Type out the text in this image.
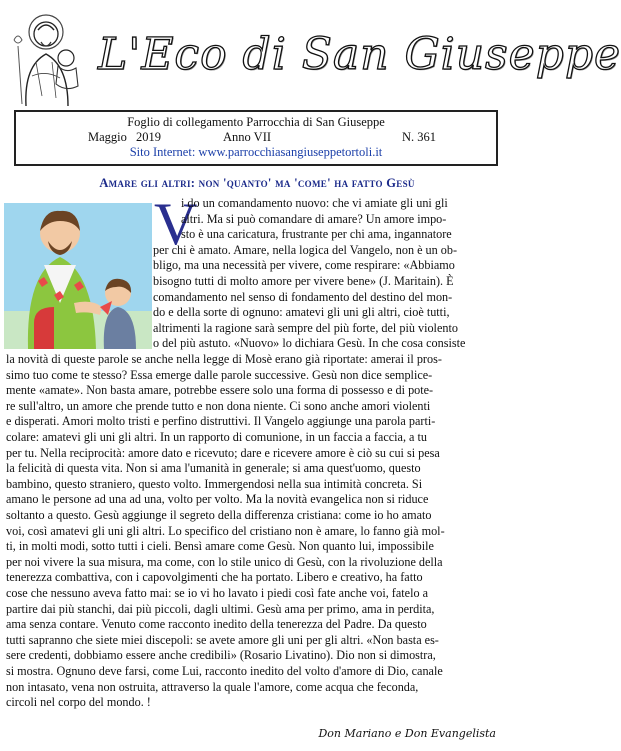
L'Eco di San Giuseppe
Foglio di collegamento Parrocchia di San Giuseppe
Maggio 2019	Anno VII	N. 361
Sito Internet: www.parrocchiasangiuseppetortoli.it
Amare gli altri: non 'quanto' ma 'come' ha fatto Gesù
V
i do un comandamento nuovo: che vi amiate gli uni gli
altri. Ma si può comandare di amare? Un amore impo-
sto è una caricatura, frustrante per chi ama, ingannatore
per chi è amato. Amare, nella logica del Vangelo, non è un ob-
bligo, ma una necessità per vivere, come respirare: «Abbiamo
bisogno tutti di molto amore per vivere bene» (J. Maritain). È
comandamento nel senso di fondamento del destino del mon-
do e della sorte di ognuno: amatevi gli uni gli altri, cioè tutti,
altrimenti la ragione sarà sempre del più forte, del più violento
o del più astuto. «Nuovo» lo dichiara Gesù. In che cosa consiste
la novità di queste parole se anche nella legge di Mosè erano già riportate: amerai il pros-
simo tuo come te stesso? Essa emerge dalle parole successive. Gesù non dice semplice-
mente «amate». Non basta amare, potrebbe essere solo una forma di possesso e di pote-
re sull'altro, un amore che prende tutto e non dona niente. Ci sono anche amori violenti
e disperati. Amori molto tristi e perfino distruttivi. Il Vangelo aggiunge una parola parti-
colare: amatevi gli uni gli altri. In un rapporto di comunione, in un faccia a faccia, a tu
per tu. Nella reciprocità: amore dato e ricevuto; dare e ricevere amore è ciò su cui si pesa
la felicità di questa vita. Non si ama l'umanità in generale; si ama quest'uomo, questo
bambino, questo straniero, questo volto. Immergendosi nella sua intimità concreta. Si
amano le persone ad una ad una, volto per volto. Ma la novità evangelica non si riduce
soltanto a questo. Gesù aggiunge il segreto della differenza cristiana: come io ho amato
voi, così amatevi gli uni gli altri. Lo specifico del cristiano non è amare, lo fanno già mol-
ti, in molti modi, sotto tutti i cieli. Bensì amare come Gesù. Non quanto lui, impossibile
per noi vivere la sua misura, ma come, con lo stile unico di Gesù, con la rivoluzione della
tenerezza combattiva, con i capovolgimenti che ha portato. Libero e creativo, ha fatto
cose che nessuno aveva fatto mai: se io vi ho lavato i piedi così fate anche voi, fatelo a
partire dai più stanchi, dai più piccoli, dagli ultimi. Gesù ama per primo, ama in perdita,
ama senza contare. Venuto come racconto inedito della tenerezza del Padre. Da questo
tutti sapranno che siete miei discepoli: se avete amore gli uni per gli altri. «Non basta es-
sere credenti, dobbiamo essere anche credibili» (Rosario Livatino). Dio non si dimostra,
si mostra. Ognuno deve farsi, come Lui, racconto inedito del volto d'amore di Dio, canale
non intasato, vena non ostruita, attraverso la quale l'amore, come acqua che feconda,
circoli nel corpo del mondo. !
Don Mariano e Don Evangelista
